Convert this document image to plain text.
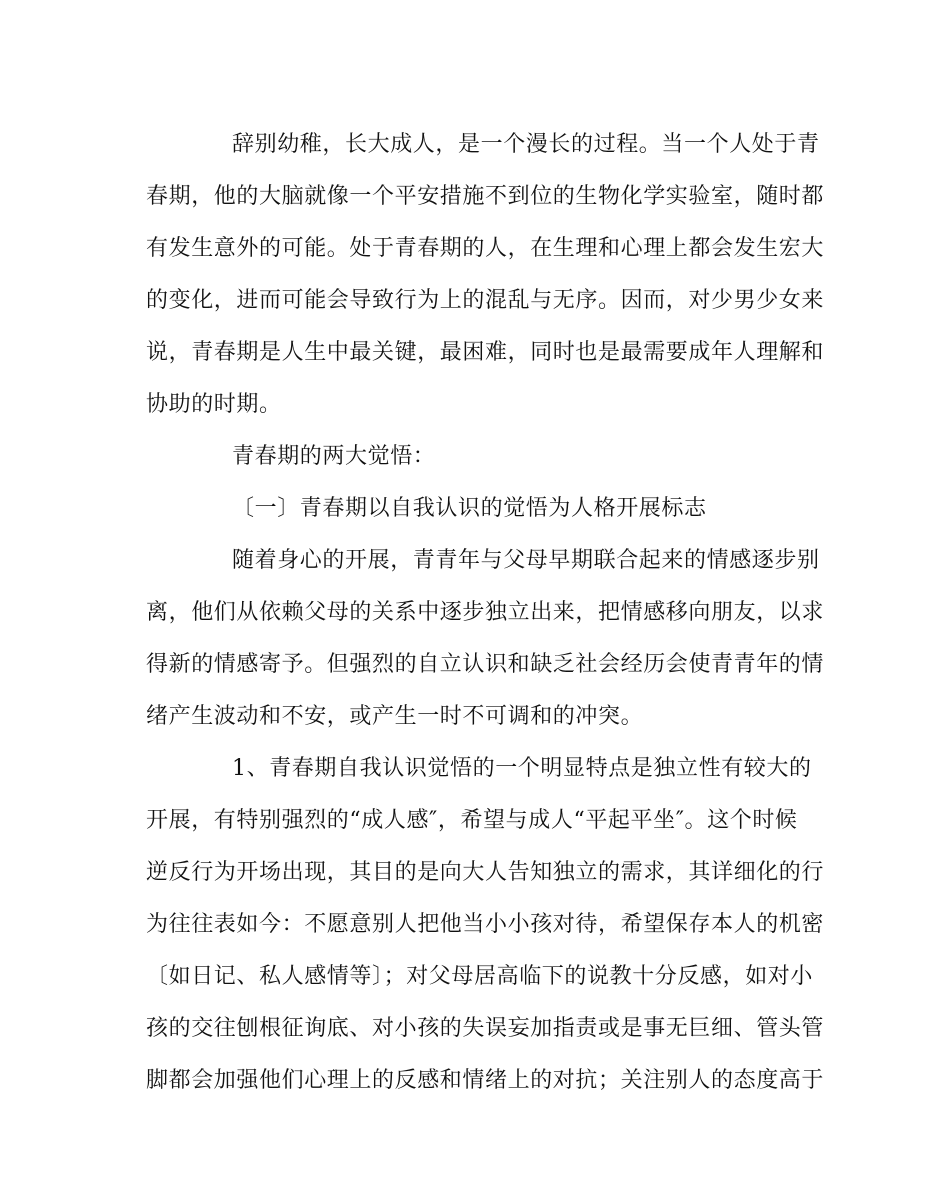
辞别幼稚，长大成人，是一个漫长的过程。当一个人处于青
春期，他的大脑就像一个平安措施不到位的生物化学实验室，随时都
有发生意外的可能。处于青春期的人，在生理和心理上都会发生宏大
的变化，进而可能会导致行为上的混乱与无序。因而，对少男少女来
说，青春期是人生中最关键，最困难，同时也是最需要成年人理解和
协助的时期。
青春期的两大觉悟：
〔一〕青春期以自我认识的觉悟为人格开展标志
随着身心的开展，青青年与父母早期联合起来的情感逐步别
离，他们从依赖父母的关系中逐步独立出来，把情感移向朋友，以求
得新的情感寄予。但强烈的自立认识和缺乏社会经历会使青青年的情
绪产生波动和不安，或产生一时不可调和的冲突。
1、青春期自我认识觉悟的一个明显特点是独立性有较大的
开展，有特别强烈的“成人感″，希望与成人“平起平坐″。这个时候
逆反行为开场出现，其目的是向大人告知独立的需求，其详细化的行
为往往表如今：不愿意别人把他当小小孩对待，希望保存本人的机密
〔如日记、私人感情等〕；对父母居高临下的说教十分反感，如对小
孩的交往刨根征询底、对小孩的失误妄加指责或是事无巨细、管头管
脚都会加强他们心理上的反感和情绪上的对抗；关注别人的态度高于
